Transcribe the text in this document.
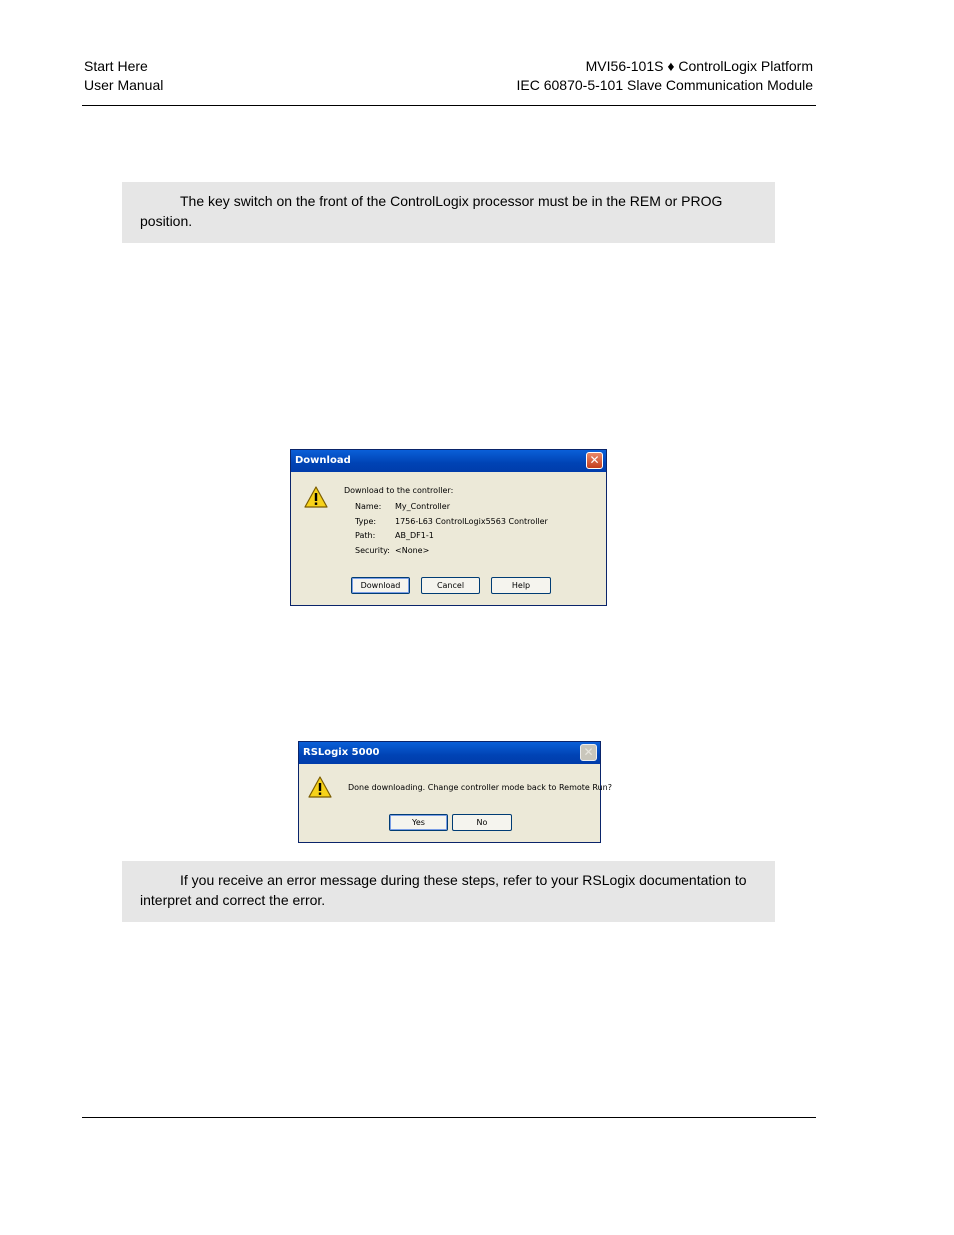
Start Here
User Manual
MVI56-101S ♦ ControlLogix Platform
IEC 60870-5-101 Slave Communication Module
The key switch on the front of the ControlLogix processor must be in the REM or PROG
position.
Download	✕
Download to the controller:
Name: My_Controller
Type: 1756-L63 ControlLogix5563 Controller
Path: AB_DF1-1
Security: <None>
Download	Cancel	Help
RSLogix 5000	✕
Done downloading. Change controller mode back to Remote Run?
Yes	No
If you receive an error message during these steps, refer to your RSLogix documentation to
interpret and correct the error.
